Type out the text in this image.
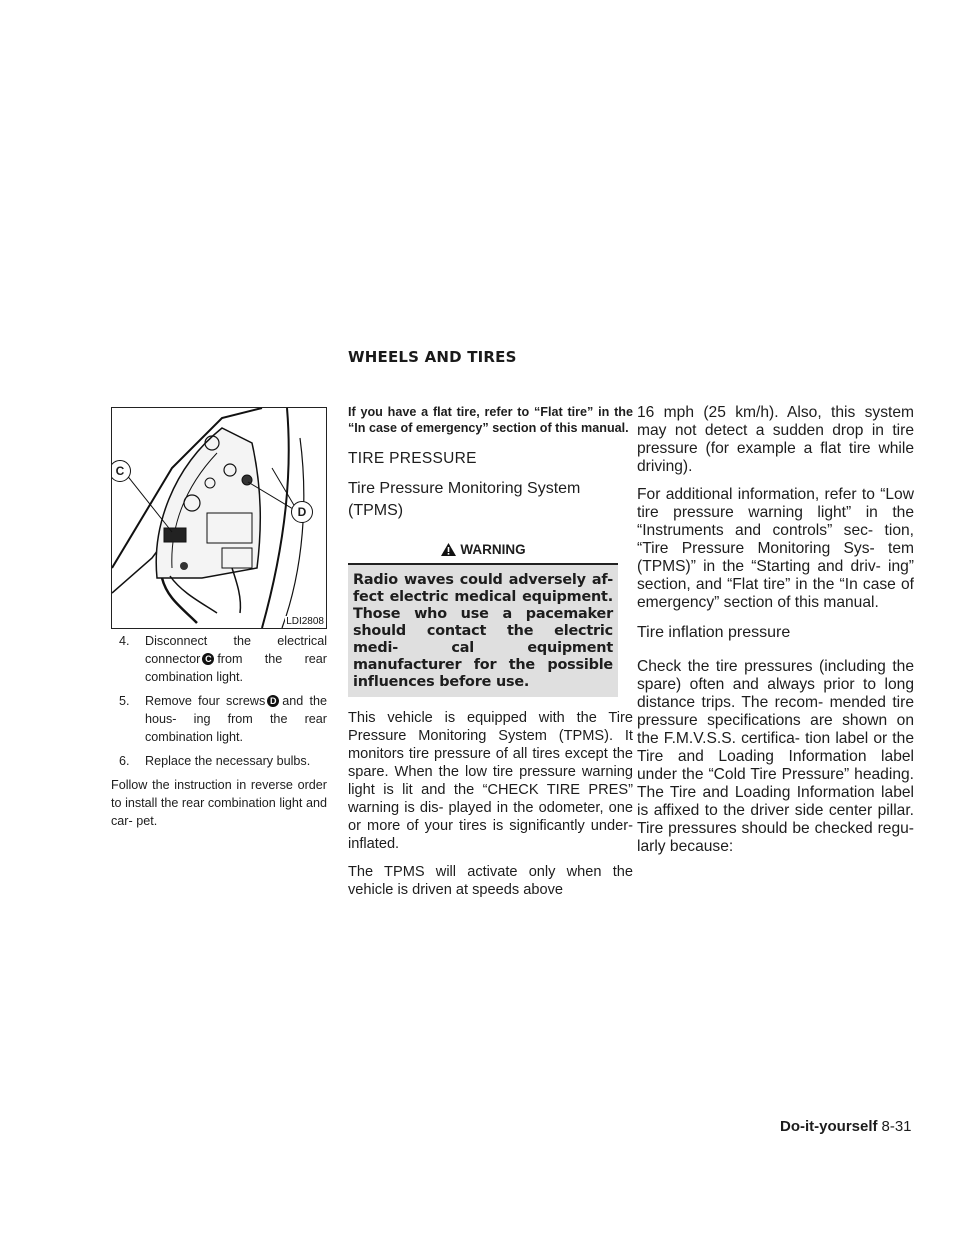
WHEELS AND TIRES
C
D
LDI2808
4. Disconnect the electrical connector C from the rear combination light.
5. Remove four screws D and the hous- ing from the rear combination light.
6. Replace the necessary bulbs.

Follow the instruction in reverse order to install the rear combination light and car- pet.

If you have a flat tire, refer to “Flat tire” in the “In case of emergency” section of this manual.

TIRE PRESSURE
Tire Pressure Monitoring System (TPMS)
WARNING
Radio waves could adversely af- fect electric medical equipment. Those who use a pacemaker should contact the electric medi- cal equipment manufacturer for the possible influences before use.

This vehicle is equipped with the Tire Pressure Monitoring System (TPMS). It monitors tire pressure of all tires except the spare. When the low tire pressure warning light is lit and the “CHECK TIRE PRES” warning is dis- played in the odometer, one or more of your tires is significantly under- inflated.

The TPMS will activate only when the vehicle is driven at speeds above

16 mph (25 km/h). Also, this system may not detect a sudden drop in tire pressure (for example a flat tire while driving).

For additional information, refer to “Low tire pressure warning light” in the “Instruments and controls” sec- tion, “Tire Pressure Monitoring Sys- tem (TPMS)” in the “Starting and driv- ing” section, and “Flat tire” in the “In case of emergency” section of this manual.

Tire inflation pressure

Check the tire pressures (including the spare) often and always prior to long distance trips. The recom- mended tire pressure specifications are shown on the F.M.V.S.S. certifica- tion label or the Tire and Loading Information label under the “Cold Tire Pressure” heading. The Tire and Loading Information label is affixed to the driver side center pillar. Tire pressures should be checked regu- larly because:

Do-it-yourself 8-31
